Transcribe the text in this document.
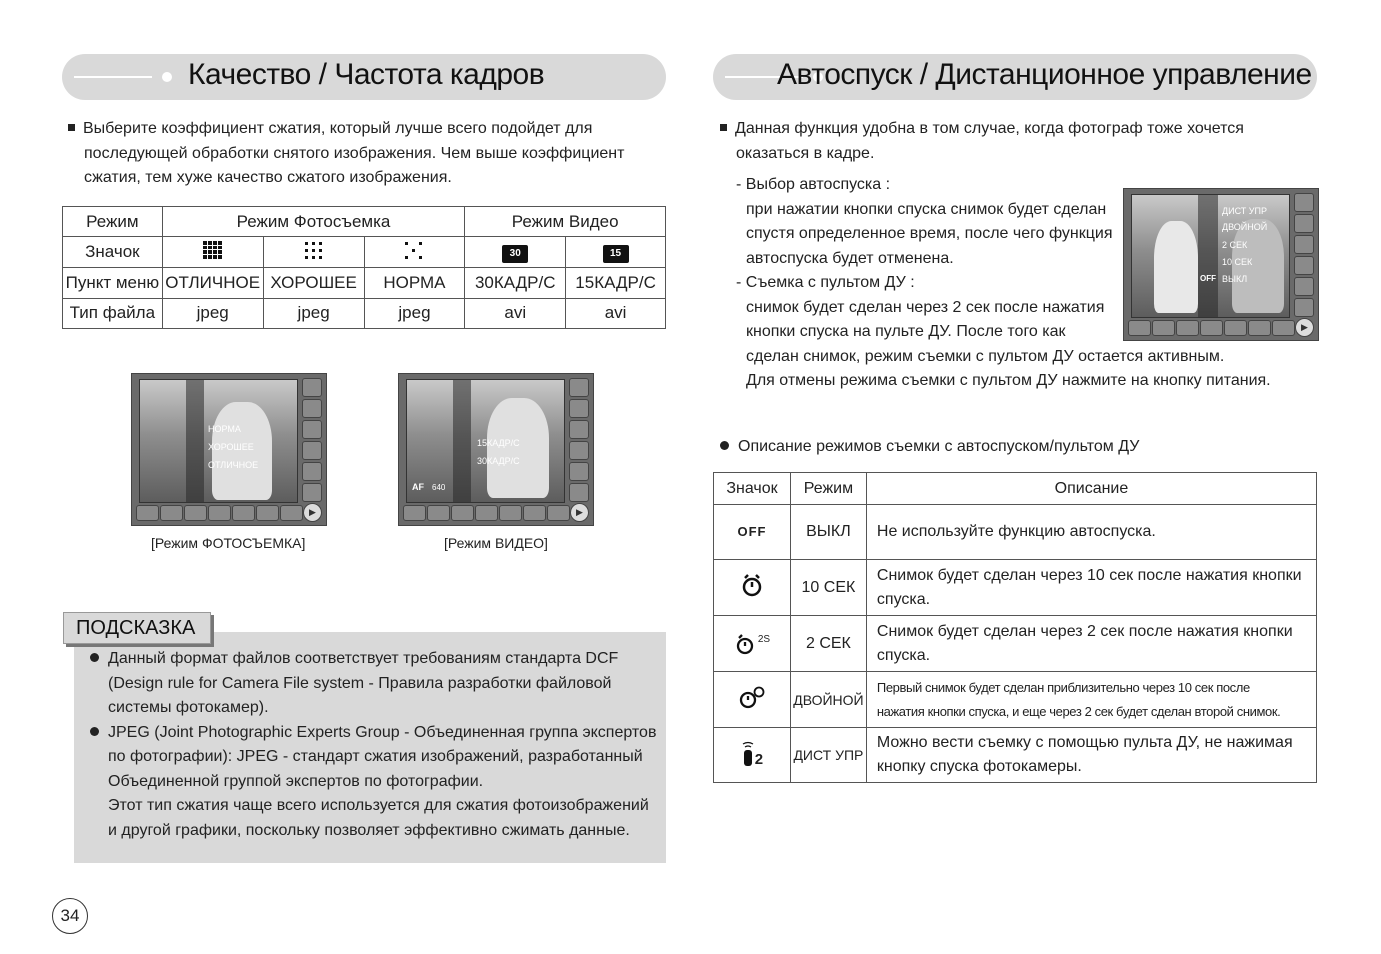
Качество / Частота кадров
Выберите коэффициент сжатия, который лучше всего подойдет для
последующей обработки снятого изображения. Чем выше коэффициент
сжатия, тем хуже качество сжатого изображения.
Режим	Режим Фотосъемка			Режим Видео	
Значок				30	15
Пункт меню	ОТЛИЧНОЕ	ХОРОШЕЕ	НОРМА	30КАДР/С	15КАДР/С
Тип файла	jpeg	jpeg	jpeg	avi	avi
НОРМА
ХОРОШЕЕ
ОТЛИЧНОЕ
▶
[Режим ФОТОСЪЕМКА]
15КАДР/С
30КАДР/С
AF 640
▶
[Режим ВИДЕО]
ПОДСКАЗКА
Данный формат файлов соответствует требованиям стандарта DCF
(Design rule for Camera File system - Правила разработки файловой
системы фотокамер).
JPEG (Joint Photographic Experts Group - Объединенная группа экспертов
по фотографии): JPEG - стандарт сжатия изображений, разработанный
Объединенной группой экспертов по фотографии.
Этот тип сжатия чаще всего используется для сжатия фотоизображений
и другой графики, поскольку позволяет эффективно сжимать данные.
34
Автоспуск / Дистанционное управление
Данная функция удобна в том случае, когда фотограф тоже хочется
оказаться в кадре.
- Выбор автоспуска :
при нажатии кнопки спуска снимок будет сделан
спустя определенное время, после чего функция
автоспуска будет отменена.
- Съемка с пультом ДУ :
снимок будет сделан через 2 сек после нажатия
кнопки спуска на пульте ДУ. После того как
сделан снимок, режим съемки с пультом ДУ остается активным.
Для отмены режима съемки с пультом ДУ нажмите на кнопку питания.
ДИСТ УПР
ДВОЙНОЙ
2 СЕК
10 СЕК
ВЫКЛ
OFF
▶
Описание режимов съемки с автоспуском/пультом ДУ
Значок	Режим	Описание
OFF	ВЫКЛ	Не используйте функцию автоспуска.

	10 СЕК	Снимок будет сделан через 10 сек после нажатия кнопки
спуска.

$^{2S}$	2 СЕК	Снимок будет сделан через 2 сек после нажатия кнопки
спуска.

	ДВОЙНОЙ	Первый снимок будет сделан приблизительно через 10 сек после
нажатия кнопки спуска, и еще через 2 сек будет сделан второй снимок.

2	ДИСТ УПР	Можно вести съемку с помощью пульта ДУ, не нажимая
кнопку спуска фотокамеры.
